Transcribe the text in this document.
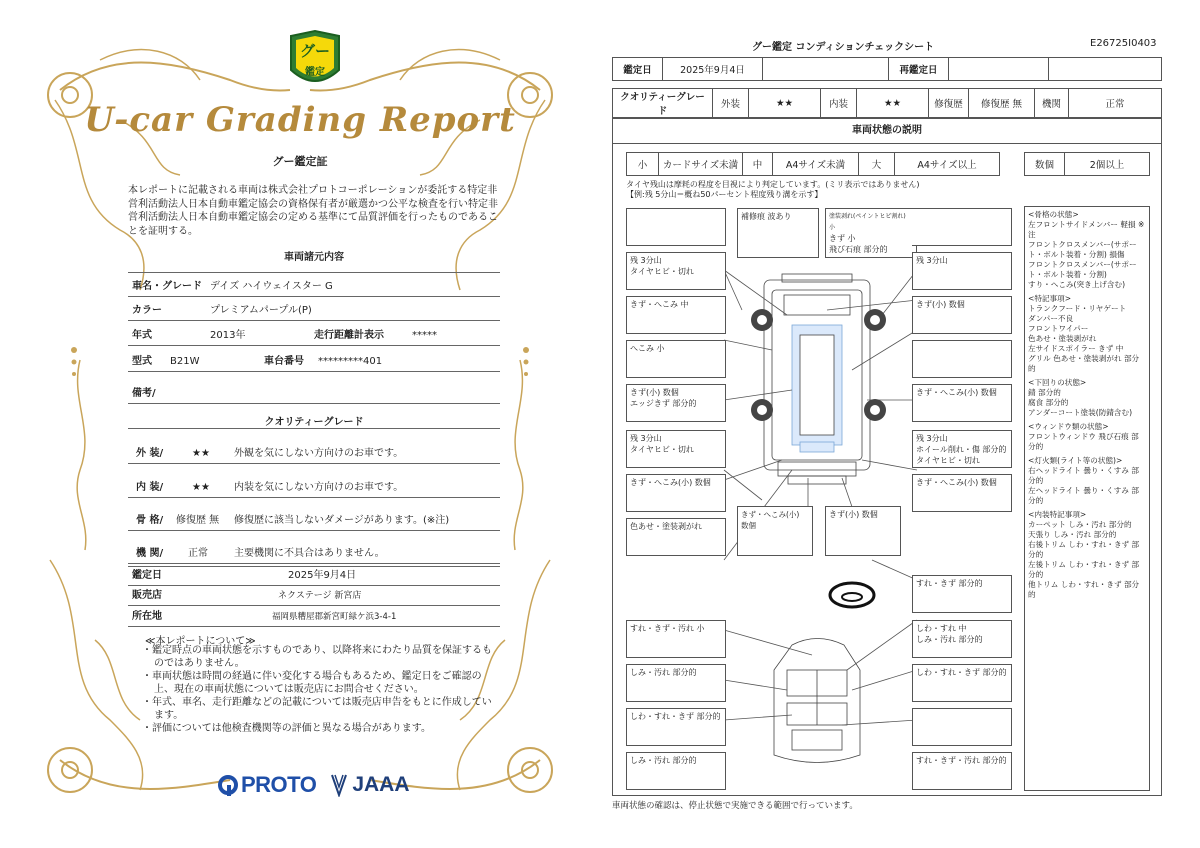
グー
鑑定
U-car Grading Report
グー鑑定証
本レポートに記載される車両は株式会社プロトコーポレーションが委託する特定非営利活動法人日本自動車鑑定協会の資格保有者が厳選かつ公平な検査を行い特定非営利活動法人日本自動車鑑定協会の定める基準にて品質評価を行ったものであることを証明する。
車両諸元内容
車名・グレード デイズ ハイウェイスター G
カラー	プレミアムパープル(P)
年式	2013年	走行距離計表示	*****
型式	B21W	車台番号	*********401
備考/
クオリティーグレード
外 装/	★★	外観を気にしない方向けのお車です。
内 装/	★★	内装を気にしない方向けのお車です。
骨 格/	修復歴 無	修復歴に該当しないダメージがあります。(※注)
機 関/	正常	主要機関に不具合はありません。
鑑定日	2025年9月4日
販売店	ネクステージ 新宮店
所在地	福岡県糟屋郡新宮町緑ケ浜3-4-1
≪本レポートについて≫
・鑑定時点の車両状態を示すものであり、以降将来にわたり品質を保証するものではありません。
・車両状態は時間の経過に伴い変化する場合もあるため、鑑定日をご確認の上、現在の車両状態については販売店にお問合せください。
・年式、車名、走行距離などの記載については販売店申告をもとに作成しています。
・評価については他検査機関等の評価と異なる場合があります。
PROTO JAAA
グー鑑定 コンディションチェックシート	E26725I0403
鑑定日	2025年9月4日		再鑑定日		
クオリティーグレード	外装	★★	内装	★★	修復歴	修復歴 無	機関	正常
車両状態の説明
小	カードサイズ未満	中	A4サイズ未満	大	A4サイズ以上	数個	2個以上
タイヤ残山は摩耗の程度を目視により判定しています。(ミリ表示ではありません)
【例:残 5分山＝概ね50パーセント程度残り溝を示す】
補修痕 波あり	塗装剥れ(ペイントヒビ割れ) 小
きず 小
飛び石痕 部分的
残 3分山
タイヤヒビ・切れ
残 3分山
きず・へこみ 中	きず(小) 数個
へこみ 小
きず(小) 数個
エッジきず 部分的
きず・へこみ(小) 数個
残 3分山
タイヤヒビ・切れ
残 3分山
ホイール削れ・傷 部分的
タイヤヒビ・切れ
きず・へこみ(小) 数個	きず・へこみ(小) 数個
色あせ・塗装剥がれ
きず・へこみ(小) 数個
きず(小) 数個
すれ・きず 部分的
すれ・きず・汚れ 小	しわ・すれ 中
しみ・汚れ 部分的
しみ・汚れ 部分的	しわ・すれ・きず 部分的
しわ・すれ・きず 部分的
しみ・汚れ 部分的	すれ・きず・汚れ 部分的

<骨格の状態>
左フロントサイドメンバー 軽損 ※注
フロントクロスメンバー(サポート・ボルト装着・分割) 損傷
フロントクロスメンバー(サポート・ボルト装着・分割)
すり・へこみ(突き上げ含む)

<特記事項>
トランクフード・リヤゲート
ダンパー不良
フロントワイパー
色あせ・塗装剥がれ
左サイドスポイラー きず 中
グリル 色あせ・塗装剥がれ 部分的

<下回りの状態>
錆 部分的
腐食 部分的
アンダーコート塗装(防錆含む)

<ウィンドウ類の状態>
フロントウィンドウ 飛び石痕 部分的

<灯火類(ライト等の状態)>
右ヘッドライト 曇り・くすみ 部分的
左ヘッドライト 曇り・くすみ 部分的

<内装特記事項>
カーペット しみ・汚れ 部分的
天張り しみ・汚れ 部分的
右後トリム しわ・すれ・きず 部分的
左後トリム しわ・すれ・きず 部分的
他トリム しわ・すれ・きず 部分的

車両状態の確認は、停止状態で実施できる範囲で行っています。
